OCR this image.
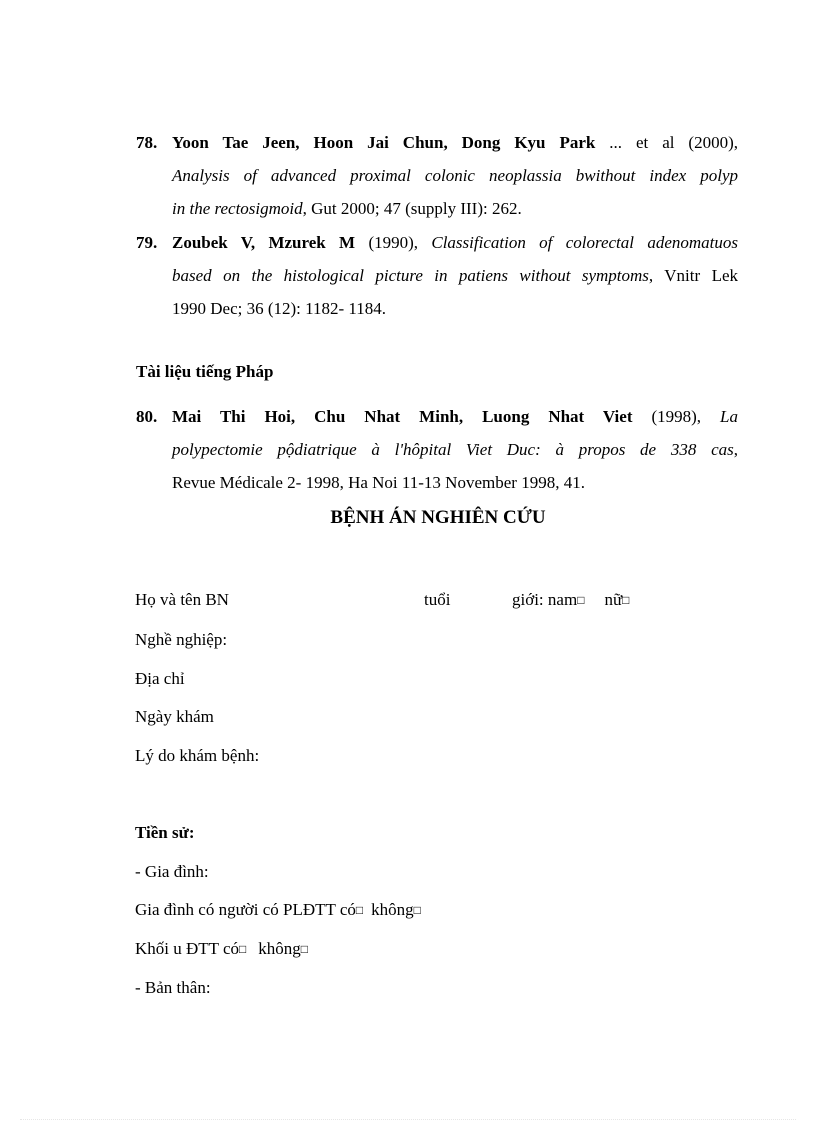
78. Yoon Tae Jeen, Hoon Jai Chun, Dong Kyu Park ... et al (2000),
Analysis of advanced proximal colonic neoplassia bwithout index polyp
in the rectosigmoid, Gut 2000; 47 (supply III): 262.
79. Zoubek V, Mzurek M (1990), Classification of colorectal adenomatuos
based on the histological picture in patiens without symptoms, Vnitr Lek
1990 Dec; 36 (12): 1182- 1184.
Tài liệu tiếng Pháp
80. Mai Thi Hoi, Chu Nhat Minh, Luong Nhat Viet (1998), La
polypectomie pộdiatrique à l'hôpital Viet Duc: à propos de 338 cas,
Revue Médicale 2- 1998, Ha Noi 11-13 November 1998, 41.
BỆNH ÁN NGHIÊN CỨU
Họ và tên BN	tuổi	giới: nam□ nữ□
Nghề nghiệp:
Địa chỉ
Ngày khám
Lý do khám bệnh:
Tiền sử:
- Gia đình:
Gia đình có người có PLĐTT có□ không□
Khối u ĐTT có□ không□
- Bản thân:
